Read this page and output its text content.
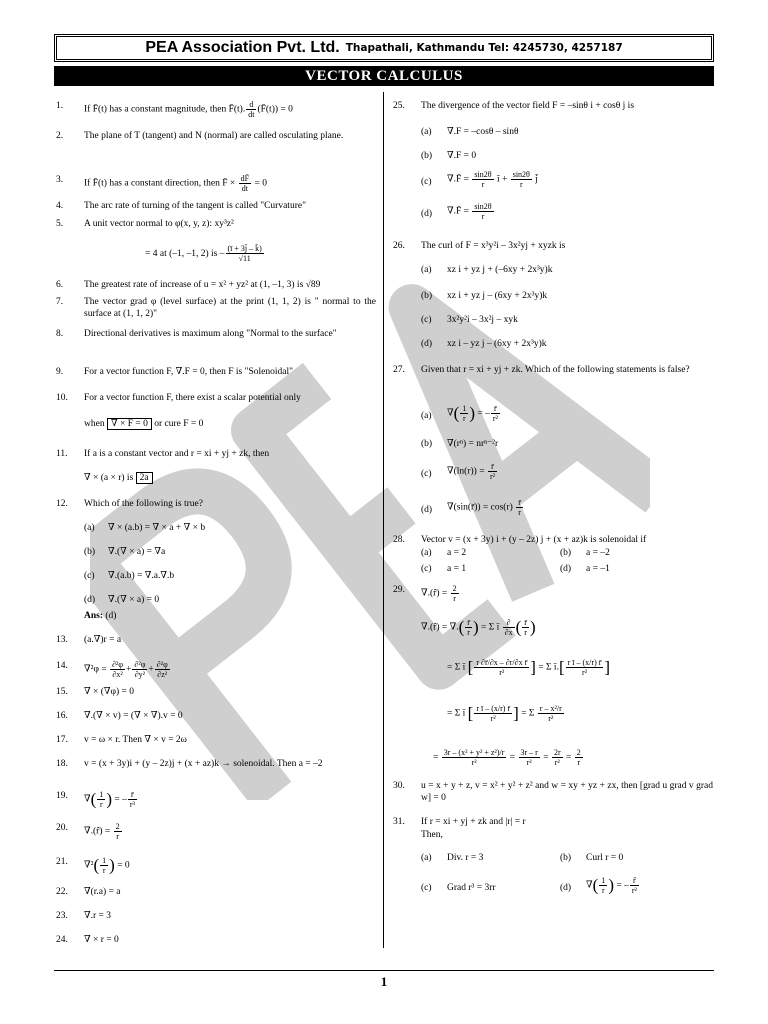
PEA Association Pvt. Ltd. Thapathali, Kathmandu Tel: 4245730, 4257187
VECTOR CALCULUS
1.	If F̄(t) has a constant magnitude, then F̄(t). $\frac{d}{dt}$ (F̄(t)) = 0
2.	The plane of T (tangent) and N (normal) are called osculating plane.
3.	If F̄(t) has a constant direction, then F̄ × $\frac{dF̄}{dt} = 0$
4.	The arc rate of turning of the tangent is called "Curvature"
5.	A unit vector normal to φ(x, y, z): xy³z²
= 4 at (–1, –1, 2) is – $\frac{(ī + 3j̄ - k̄)}{√11}$
6.	The greatest rate of increase of u = x² + yz² at (1, –1, 3) is √89
7.	The vector grad φ (level surface) at the print (1, 1, 2) is " normal to the surface at (1, 1, 2)"
8.	Directional derivatives is maximum along "Normal to the surface"
9.	For a vector function F, ∇.F = 0, then F is "Solenoidal"
10.	For a vector function F, there exist a scalar potential only
when ∇ × F = 0 or cure F = 0
11.	If a is a constant vector and r = xi + yj + zk, then
∇ × (a × r) is 2a
12.	Which of the following is true?
(a) ∇ × (a.b) = ∇ × a + ∇ × b
(b) ∇.(∇ × a) = ∇a
(c) ∇.(a.b) = ∇.a.∇.b
(d) ∇.(∇ × a) = 0
Ans: (d)
13.	(a.∇)r = a
14.	$\nabla^2\varphi = \frac{\text{∂²φ}}{\text{∂x²}} + \frac{\text{∂²φ}}{\text{∂y²}} + \frac{\text{∂²φ}}{\text{∂z²}}$
15.	∇ × (∇φ) = 0
16.	∇.(∇ × v) = (∇ × ∇).v = 0
17.	v = ω × r. Then ∇ × v = 2ω
18.	v = (x + 3y)i + (y – 2z)j + (x + az)k → solenoidal. Then a = –2
19.	∇( $\frac{1}{r}$ ) = – $\frac{r̄}{\text{r³}}$
20.	∇.(r̂) = $\frac{2}{r}$
21.	$\nabla^2( \frac{1}{r}$ ) = 0
22.	∇(r.a) = a
23.	∇.r = 3
24.	∇ × r = 0
25.	The divergence of the vector field F = –sinθ i + cosθ j is
(a) ∇.F = –cosθ – sinθ
(b) ∇.F = 0
(c) ∇.F̄ = $\frac{\sin 2\theta}{r}$ ī + $\frac{\sin 2\theta}{r}$ j̄
(d) ∇.F̄ = $\frac{\sin 2\theta}{r}$
26.	The curl of F = x³y²i – 3x²yj + xyzk is
(a) xz i + yz j + (–6xy + 2x³y)k
(b) xz i + yz j – (6xy + 2x³y)k
(c) 3x²y²i – 3x²j – xyk
(d) xz i – yz j – (6xy + 2x³y)k
27.	Given that r = xi + yj + zk. Which of the following statements is false?
(a) ∇( $\frac{1}{r}$ ) = – $\frac{r̄}{\text{r²}}$
(b) ∇(rⁿ) = nrⁿ⁻²r
(c) $\nabla(\ln(r)) = \frac{r̄}{\text{r²}}$
(d) ∇(sin(r̄)) = $\cos(r) \frac{r̄}{r}$
28.	Vector v = (x + 3y) i + (y – 2z) j + (x + az)k is solenoidal if
(a) a = 2	(b) a = –2
(c) a = 1	(d) a = –1
29.	∇.(r̂) = $\frac{2}{r}$
∇.(r̂) = ∇.( $\frac{r̄}{r}$ ) = Σ ī $\frac{\partial}{\partial x}$ ( $\frac{r̄}{r}$ )
= Σ ī [ $\frac{\text{r ∂r̄/∂x – ∂r/∂x r̄}}{\text{r²}}$ ] = Σ ī.[ $\frac{\text{r ī – (x/r) r̄}}{\text{r²}}$ ]
= Σ ī [ $\frac{\text{r ī – (x/r) r̄}}{\text{r²}}$ ] = Σ $\frac{\text{r – x²/r}}{\text{r²}}$
= $\frac{\text{3r – (x² + y² + z²)/r}}{\text{r²}} = \frac{3r - r}{\text{r²}} = \frac{2r}{\text{r²}} = \frac{2}{r}$
30.	u = x + y + z, v = x² + y² + z² and w = xy + yz + zx, then [grad u grad v grad w] = 0
31.	If r = xi + yj + zk and |r| = r
Then,
(a) Div. r = 3	(b) Curl r = 0
(c) Grad r³ = 3rr	(d) ∇( $\frac{1}{r}$ ) = – $\frac{r̂}{\text{r²}}$
1
